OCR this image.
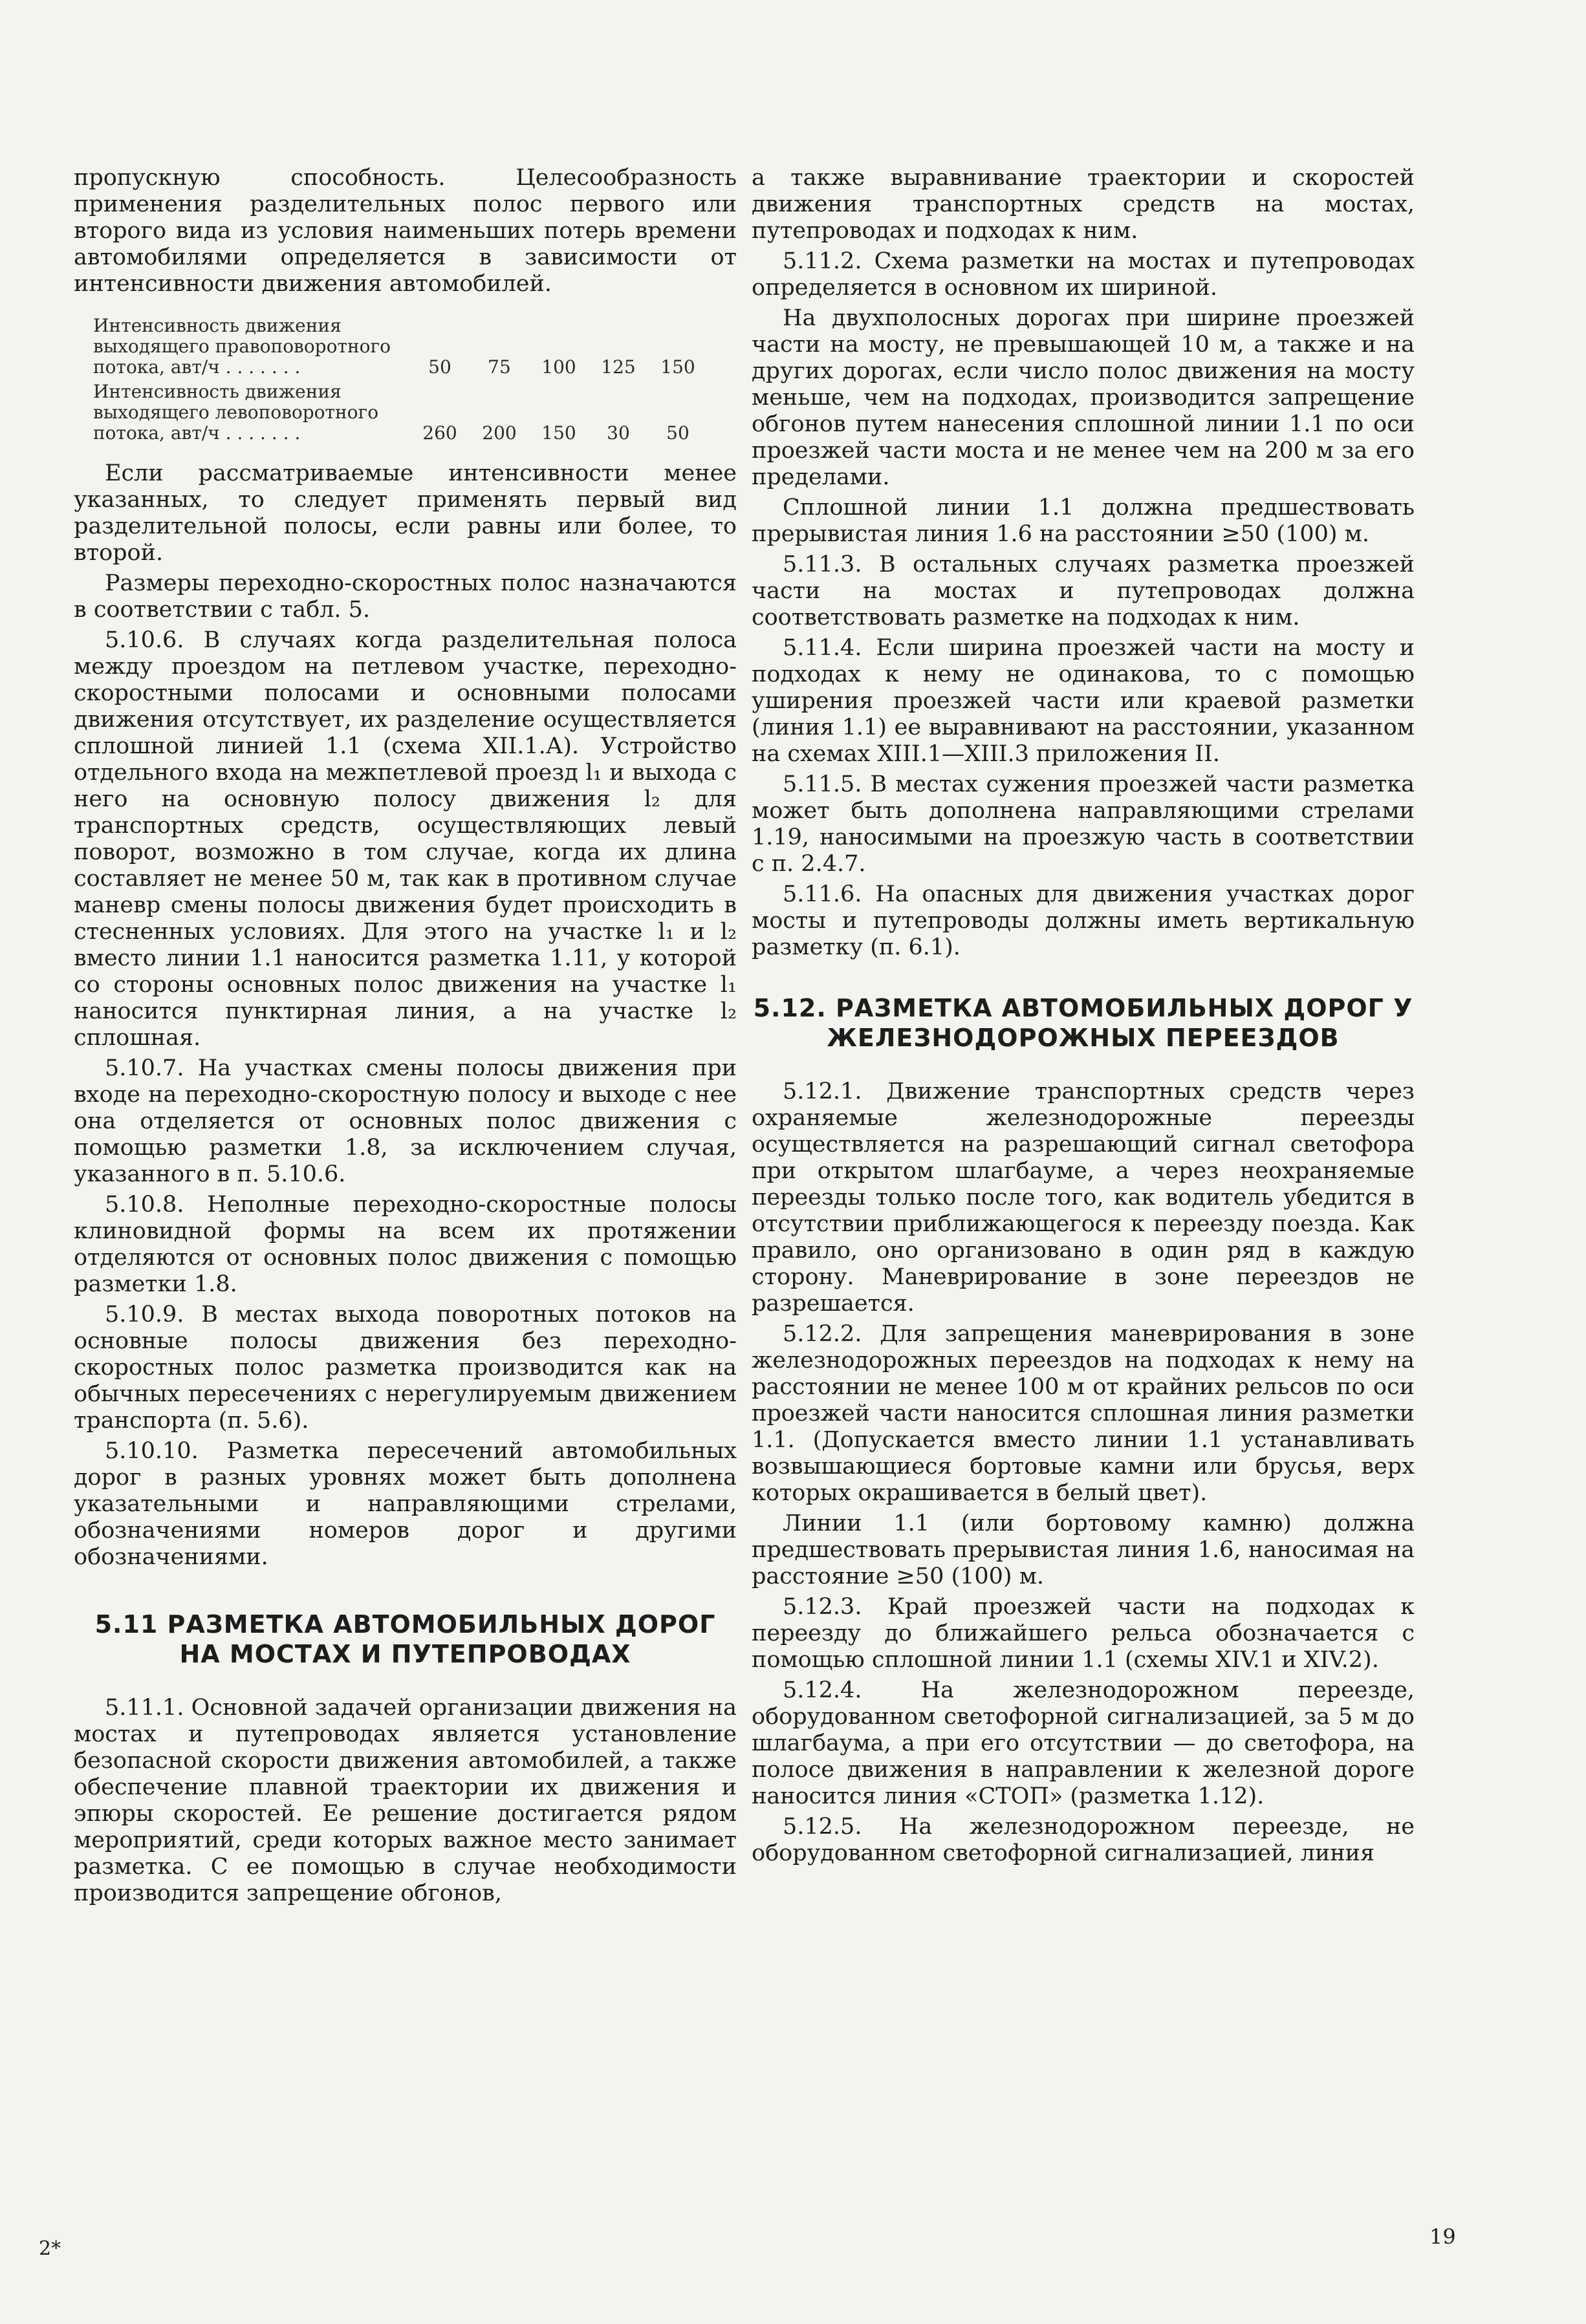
пропускную способность. Целесообразность применения разделительных полос первого или второго вида из условия наименьших потерь времени автомобилями определяется в зависимости от интенсивности движения автомобилей.

Интенсивность движения выходящего правоповоротного потока, авт/ч . . . . . . .	50	75	100	125	150
Интенсивность движения выходящего левоповоротного потока, авт/ч . . . . . . .	260	200	150	30	50

Если рассматриваемые интенсивности менее указанных, то следует применять первый вид разделительной полосы, если равны или более, то второй.

Размеры переходно-скоростных полос назначаются в соответствии с табл. 5.

5.10.6. В случаях когда разделительная полоса между проездом на петлевом участке, переходно-скоростными полосами и основными полосами движения отсутствует, их разделение осуществляется сплошной линией 1.1 (схема XII.1.А). Устройство отдельного входа на межпетлевой проезд l₁ и выхода с него на основную полосу движения l₂ для транспортных средств, осуществляющих левый поворот, возможно в том случае, когда их длина составляет не менее 50 м, так как в противном случае маневр смены полосы движения будет происходить в стесненных условиях. Для этого на участке l₁ и l₂ вместо линии 1.1 наносится разметка 1.11, у которой со стороны основных полос движения на участке l₁ наносится пунктирная линия, а на участке l₂ сплошная.

5.10.7. На участках смены полосы движения при входе на переходно-скоростную полосу и выходе с нее она отделяется от основных полос движения с помощью разметки 1.8, за исключением случая, указанного в п. 5.10.6.

5.10.8. Неполные переходно-скоростные полосы клиновидной формы на всем их протяжении отделяются от основных полос движения с помощью разметки 1.8.

5.10.9. В местах выхода поворотных потоков на основные полосы движения без переходно-скоростных полос разметка производится как на обычных пересечениях с нерегулируемым движением транспорта (п. 5.6).

5.10.10. Разметка пересечений автомобильных дорог в разных уровнях может быть дополнена указательными и направляющими стрелами, обозначениями номеров дорог и другими обозначениями.

5.11 РАЗМЕТКА АВТОМОБИЛЬНЫХ ДОРОГ НА МОСТАХ И ПУТЕПРОВОДАХ

5.11.1. Основной задачей организации движения на мостах и путепроводах является установление безопасной скорости движения автомобилей, а также обеспечение плавной траектории их движения и эпюры скоростей. Ее решение достигается рядом мероприятий, среди которых важное место занимает разметка. С ее помощью в случае необходимости производится запрещение обгонов,

а также выравнивание траектории и скоростей движения транспортных средств на мостах, путепроводах и подходах к ним.

5.11.2. Схема разметки на мостах и путепроводах определяется в основном их шириной.

На двухполосных дорогах при ширине проезжей части на мосту, не превышающей 10 м, а также и на других дорогах, если число полос движения на мосту меньше, чем на подходах, производится запрещение обгонов путем нанесения сплошной линии 1.1 по оси проезжей части моста и не менее чем на 200 м за его пределами.

Сплошной линии 1.1 должна предшествовать прерывистая линия 1.6 на расстоянии ≥50 (100) м.

5.11.3. В остальных случаях разметка проезжей части на мостах и путепроводах должна соответствовать разметке на подходах к ним.

5.11.4. Если ширина проезжей части на мосту и подходах к нему не одинакова, то с помощью уширения проезжей части или краевой разметки (линия 1.1) ее выравнивают на расстоянии, указанном на схемах XIII.1—XIII.3 приложения II.

5.11.5. В местах сужения проезжей части разметка может быть дополнена направляющими стрелами 1.19, наносимыми на проезжую часть в соответствии с п. 2.4.7.

5.11.6. На опасных для движения участках дорог мосты и путепроводы должны иметь вертикальную разметку (п. 6.1).

5.12. РАЗМЕТКА АВТОМОБИЛЬНЫХ ДОРОГ У ЖЕЛЕЗНОДОРОЖНЫХ ПЕРЕЕЗДОВ

5.12.1. Движение транспортных средств через охраняемые железнодорожные переезды осуществляется на разрешающий сигнал светофора при открытом шлагбауме, а через неохраняемые переезды только после того, как водитель убедится в отсутствии приближающегося к переезду поезда. Как правило, оно организовано в один ряд в каждую сторону. Маневрирование в зоне переездов не разрешается.

5.12.2. Для запрещения маневрирования в зоне железнодорожных переездов на подходах к нему на расстоянии не менее 100 м от крайних рельсов по оси проезжей части наносится сплошная линия разметки 1.1. (Допускается вместо линии 1.1 устанавливать возвышающиеся бортовые камни или брусья, верх которых окрашивается в белый цвет).

Линии 1.1 (или бортовому камню) должна предшествовать прерывистая линия 1.6, наносимая на расстояние ≥50 (100) м.

5.12.3. Край проезжей части на подходах к переезду до ближайшего рельса обозначается с помощью сплошной линии 1.1 (схемы XIV.1 и XIV.2).

5.12.4. На железнодорожном переезде, оборудованном светофорной сигнализацией, за 5 м до шлагбаума, а при его отсутствии — до светофора, на полосе движения в направлении к железной дороге наносится линия «СТОП» (разметка 1.12).

5.12.5. На железнодорожном переезде, не оборудованном светофорной сигнализацией, линия

2*	19
